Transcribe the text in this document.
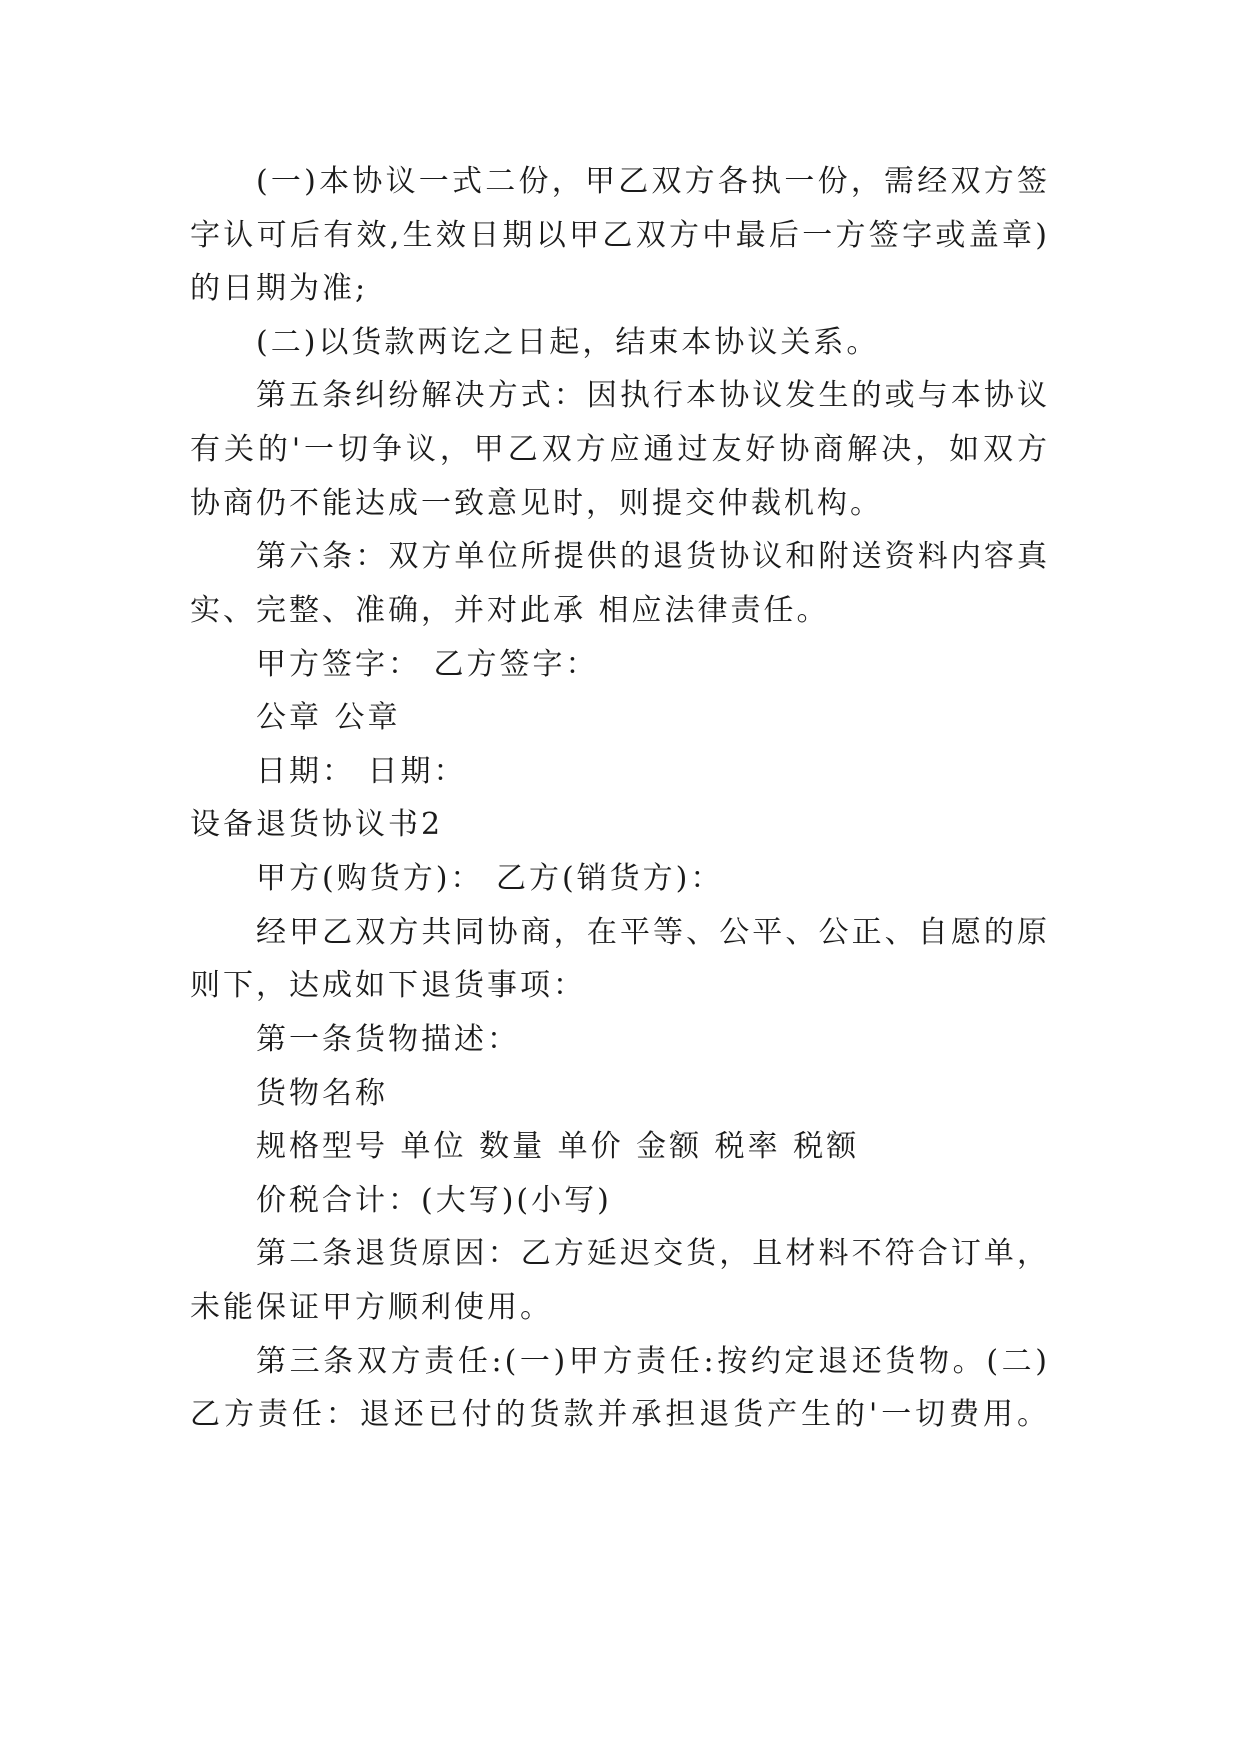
(一)本协议一式二份，甲乙双方各执一份，需经双方签
字认可后有效,生效日期以甲乙双方中最后一方签字或盖章)
的日期为准;
(二)以货款两讫之日起，结束本协议关系。
第五条纠纷解决方式：因执行本协议发生的或与本协议
有关的'一切争议，甲乙双方应通过友好协商解决，如双方
协商仍不能达成一致意见时，则提交仲裁机构。
第六条：双方单位所提供的退货协议和附送资料内容真
实、完整、准确，并对此承 相应法律责任。
甲方签字： 乙方签字：
公章 公章
日期： 日期：
设备退货协议书2
甲方(购货方)： 乙方(销货方)：
经甲乙双方共同协商，在平等、公平、公正、自愿的原
则下，达成如下退货事项：
第一条货物描述：
货物名称
规格型号 单位 数量 单价 金额 税率 税额
价税合计：(大写)(小写)
第二条退货原因：乙方延迟交货，且材料不符合订单，
未能保证甲方顺利使用。
第三条双方责任:(一)甲方责任:按约定退还货物。(二)
乙方责任：退还已付的货款并承担退货产生的'一切费用。
